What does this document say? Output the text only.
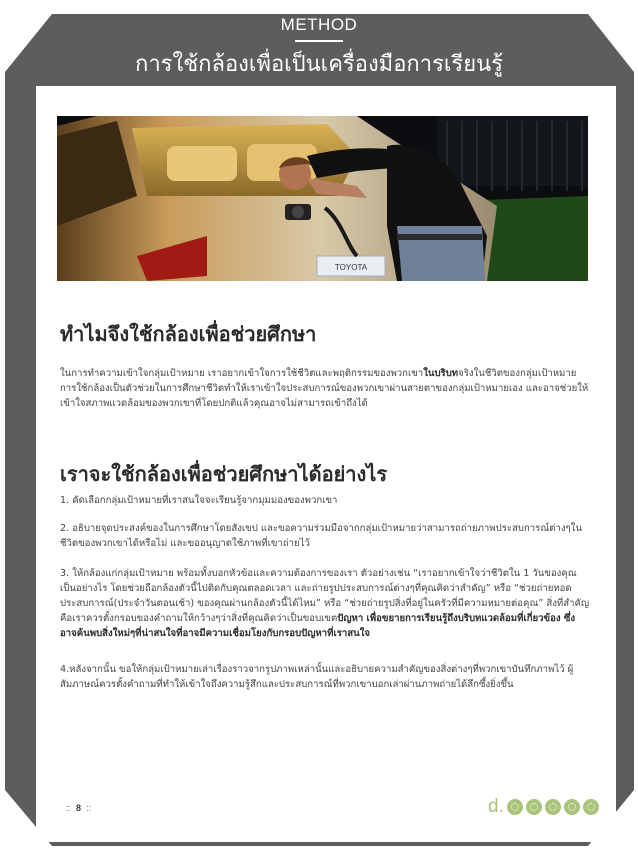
METHOD
การใช้กล้องเพื่อเป็นเครื่องมือการเรียนรู้
TOYOTA
ทำไมจึงใช้กล้องเพื่อช่วยศึกษา

ในการทำความเข้าใจกลุ่มเป้าหมาย เราอยากเข้าใจการใช้ชีวิตและพฤติกรรมของพวกเขาในบริบทจริงในชีวิตของกลุ่มเป้าหมาย การใช้กล้องเป็นตัวช่วยในการศึกษาชีวิตทำให้เราเข้าใจประสบการณ์ของพวกเขาผ่านสายตาของกลุ่มเป้าหมายเอง และอาจช่วยให้เข้าใจสภาพแวดล้อมของพวกเขาที่โดยปกติแล้วคุณอาจไม่สามารถเข้าถึงได้

เราจะใช้กล้องเพื่อช่วยศึกษาได้อย่างไร

1. คัดเลือกกลุ่มเป้าหมายที่เราสนใจจะเรียนรู้จากมุมมองของพวกเขา

2. อธิบายจุดประสงค์ของในการศึกษาโดยสังเขป และขอความร่วมมือจากกลุ่มเป้าหมายว่าสามารถถ่ายภาพประสบการณ์ต่างๆในชีวิตของพวกเขาได้หรือไม่ และขออนุญาตใช้ภาพที่เขาถ่ายไว้

3. ให้กล้องแก่กลุ่มเป้าหมาย พร้อมทั้งบอกหัวข้อและความต้องการของเรา ตัวอย่างเช่น “เราอยากเข้าใจว่าชีวิตใน 1 วันของคุณเป็นอย่างไร โดยช่วยถือกล้องตัวนี้ไปติดกับคุณตลอดเวลา และถ่ายรูปประสบการณ์ต่างๆที่คุณคิดว่าสำคัญ” หรือ “ช่วยถ่ายทอดประสบการณ์(ประจำวันตอนเช้า) ของคุณผ่านกล้องตัวนี้ได้ไหม” หรือ “ช่วยถ่ายรูปสิ่งที่อยู่ในครัวที่มีความหมายต่อคุณ” สิ่งที่สำคัญคือเราควรตั้งกรอบของคำถามให้กว้างๆว่าสิ่งที่คุณคิดว่าเป็นขอบเขตปัญหา เพื่อขยายการเรียนรู้ถึงบริบทแวดล้อมที่เกี่ยวข้อง ซึ่งอาจค้นพบสิ่งใหม่ๆที่น่าสนใจที่อาจมีความเชื่อมโยงกับกรอบปัญหาที่เราสนใจ

4.หลังจากนั้น ขอให้กลุ่มเป้าหมายเล่าเรื่องราวจากรูปภาพเหล่านั้นและอธิบายความสำคัญของสิ่งต่างๆที่พวกเขาบันทึกภาพไว้ ผู้สัมภาษณ์ควรตั้งคำถามที่ทำให้เข้าใจถึงความรู้สึกและประสบการณ์ที่พวกเขาบอกเล่าผ่านภาพถ่ายได้ลึกซึ้งยิ่งขึ้น

:: 8 ::	d.
